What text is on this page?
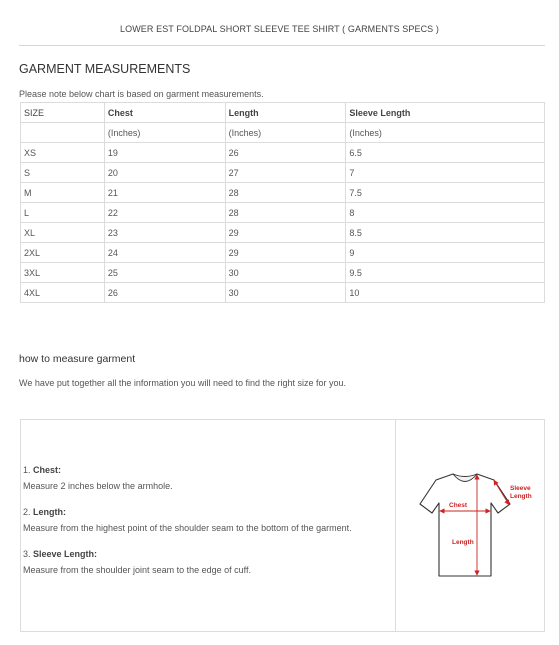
LOWER EST FOLDPAL SHORT SLEEVE TEE SHIRT ( GARMENTS SPECS )
GARMENT MEASUREMENTS
Please note below chart is based on garment measurements.
SIZE	Chest	Length	Sleeve Length
	(Inches)	(Inches)	(Inches)
XS	19	26	6.5
S	20	27	7
M	21	28	7.5
L	22	28	8
XL	23	29	8.5
2XL	24	29	9
3XL	25	30	9.5
4XL	26	30	10
how to measure garment
We have put together all the information you will need to find the right size for you.
1. Chest:
Measure 2 inches below the armhole.
2. Length:
Measure from the highest point of the shoulder seam to the bottom of the garment.
3. Sleeve Length:
Measure from the shoulder joint seam to the edge of cuff.
Chest
Length
Sleeve
Length
